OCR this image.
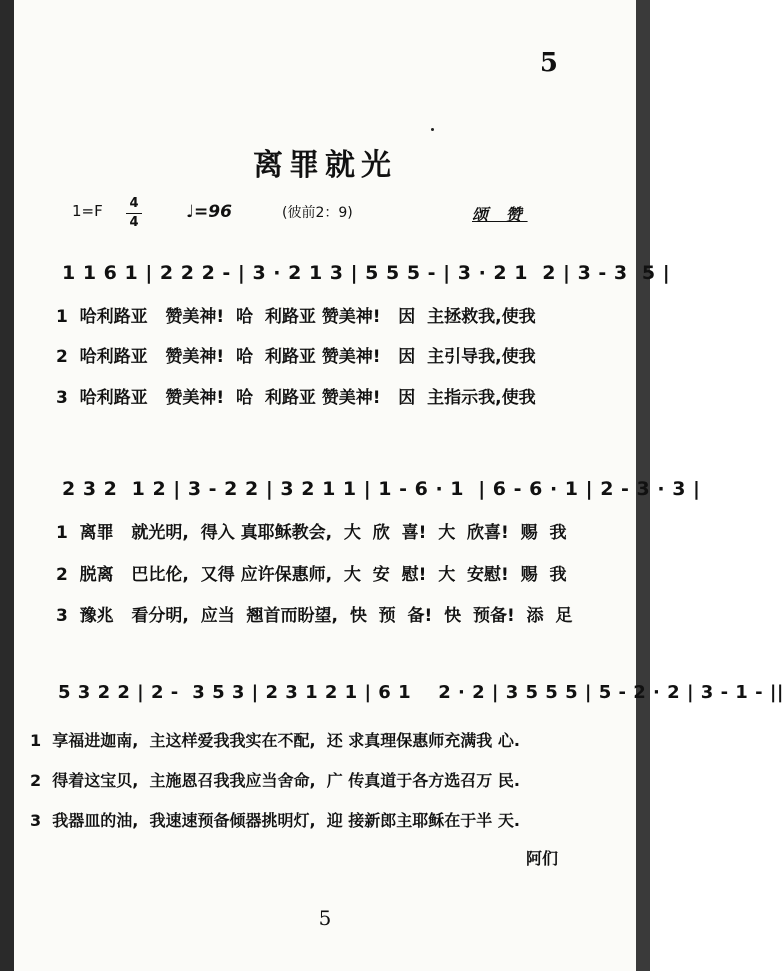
5
离罪就光
1=F 4
4
♩=96	(彼前2：9)	颂 赞
1 1 6 1 | 2 2 2 - | 3 · 2 1 3 | 5 5 5 - | 3 · 2 1  2 | 3 - 3  5 |
1  哈利路亚   赞美神!  哈  利路亚 赞美神!   因  主拯救我,使我
2  哈利路亚   赞美神!  哈  利路亚 赞美神!   因  主引导我,使我
3  哈利路亚   赞美神!  哈  利路亚 赞美神!   因  主指示我,使我
2 3 2  1 2 | 3 - 2 2 | 3 2 1 1 | 1 - 6 · 1  | 6 - 6 · 1 | 2 - 3 · 3 |
1  离罪   就光明,  得入 真耶稣教会,  大  欣  喜!  大  欣喜!  赐  我
2  脱离   巴比伦,  又得 应许保惠师,  大  安  慰!  大  安慰!  赐  我
3  豫兆   看分明,  应当  翘首而盼望,  快  预  备!  快  预备!  添  足
5 3 2 2 | 2 -  3 5 3 | 2 3 1 2 1 | 6 1    2 · 2 | 3 5 5 5 | 5 - 2 · 2 | 3 - 1 - ||
1  享福进迦南,  主这样爱我我实在不配,  还 求真理保惠师充满我 心.
2  得着这宝贝,  主施恩召我我应当舍命,  广 传真道于各方选召万 民.
3  我器皿的油,  我速速预备倾器挑明灯,  迎 接新郎主耶稣在于半 天.
阿们
5
